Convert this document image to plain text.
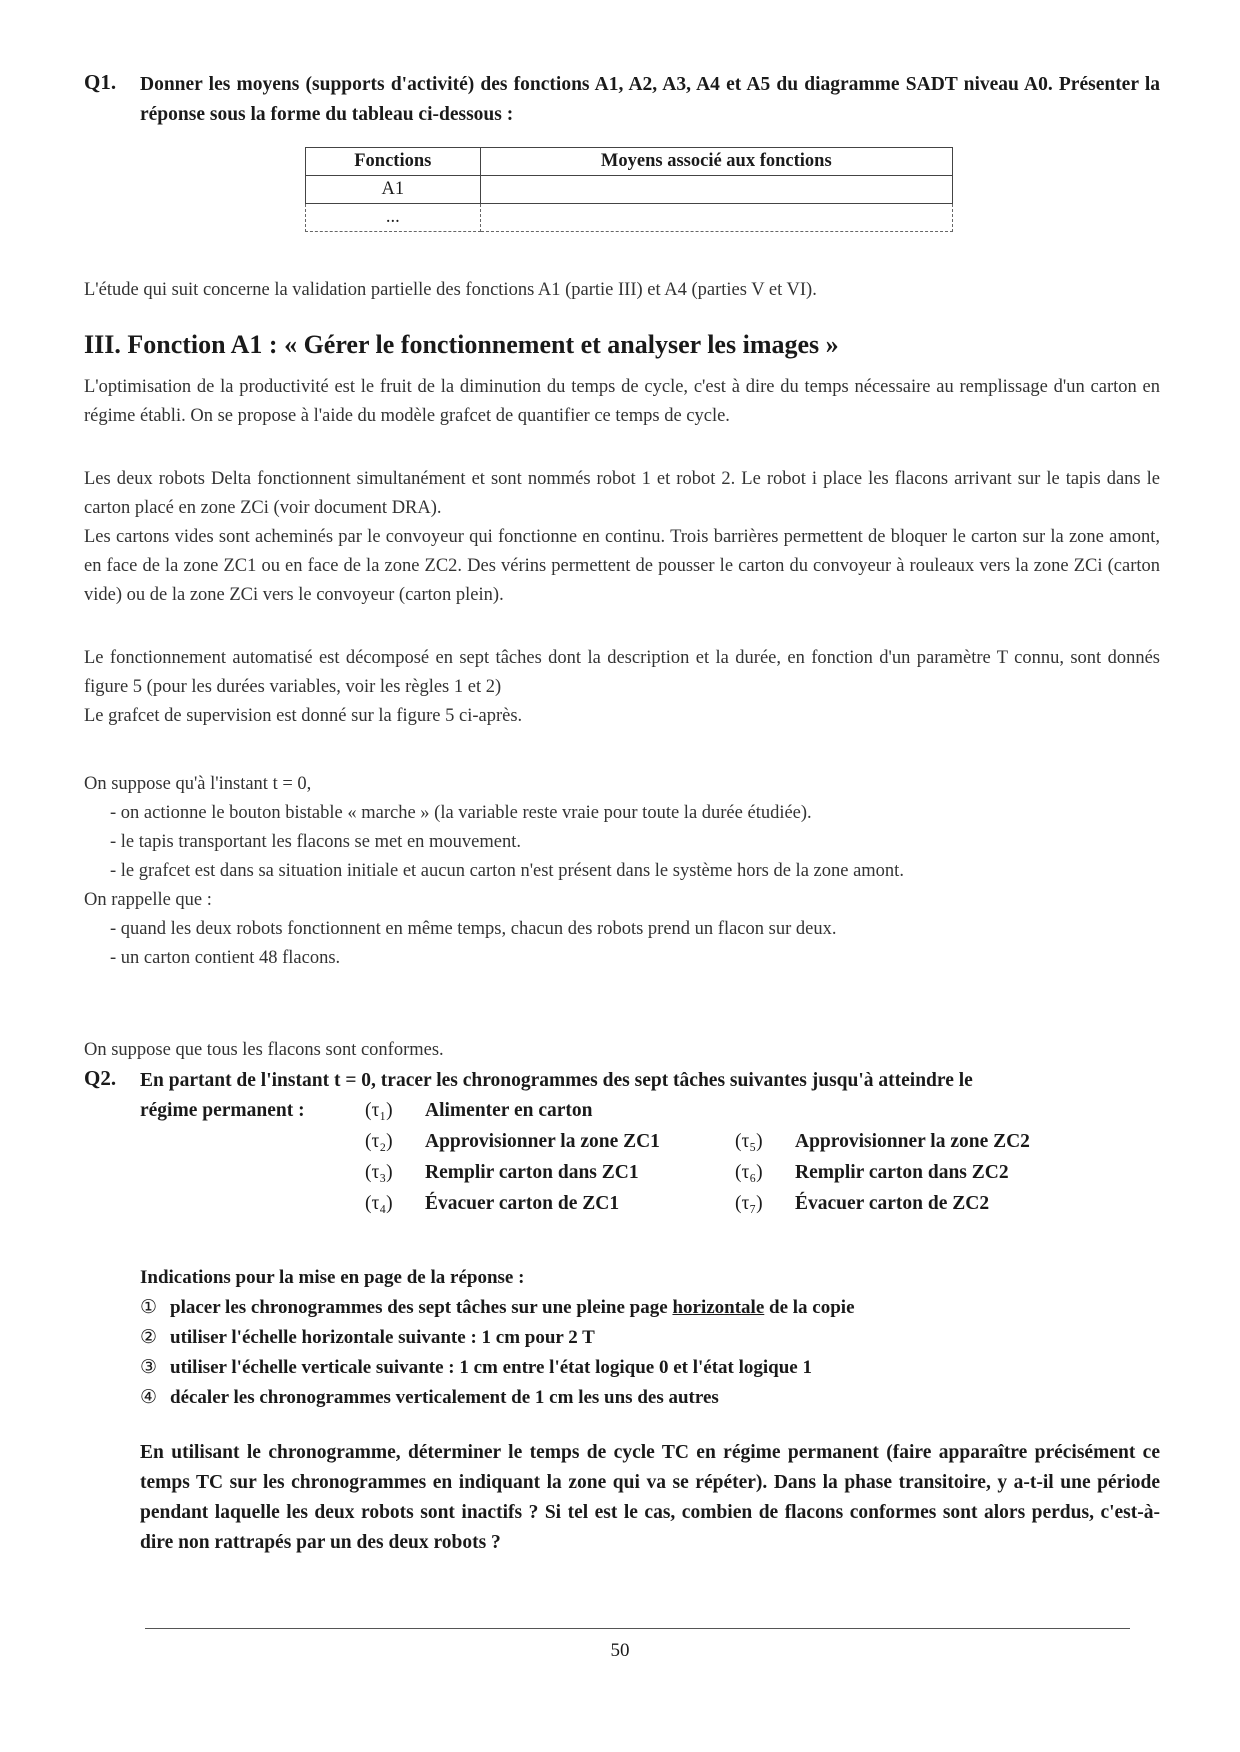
Q1. Donner les moyens (supports d'activité) des fonctions A1, A2, A3, A4 et A5 du diagramme SADT niveau A0. Présenter la réponse sous la forme du tableau ci-dessous :
Fonctions	Moyens associé aux fonctions
A1	
...	
L'étude qui suit concerne la validation partielle des fonctions A1 (partie III) et A4 (parties V et VI).
III. Fonction A1 : « Gérer le fonctionnement et analyser les images »
L'optimisation de la productivité est le fruit de la diminution du temps de cycle, c'est à dire du temps nécessaire au remplissage d'un carton en régime établi. On se propose à l'aide du modèle grafcet de quantifier ce temps de cycle.
Les deux robots Delta fonctionnent simultanément et sont nommés robot 1 et robot 2. Le robot i place les flacons arrivant sur le tapis dans le carton placé en zone ZCi (voir document DRA).
Les cartons vides sont acheminés par le convoyeur qui fonctionne en continu. Trois barrières permettent de bloquer le carton sur la zone amont, en face de la zone ZC1 ou en face de la zone ZC2. Des vérins permettent de pousser le carton du convoyeur à rouleaux vers la zone ZCi (carton vide) ou de la zone ZCi vers le convoyeur (carton plein).
Le fonctionnement automatisé est décomposé en sept tâches dont la description et la durée, en fonction d'un paramètre T connu, sont donnés figure 5 (pour les durées variables, voir les règles 1 et 2)
Le grafcet de supervision est donné sur la figure 5 ci-après.
On suppose qu'à l'instant t = 0,
- on actionne le bouton bistable « marche » (la variable reste vraie pour toute la durée étudiée).
- le tapis transportant les flacons se met en mouvement.
- le grafcet est dans sa situation initiale et aucun carton n'est présent dans le système hors de la zone amont.
On rappelle que :
- quand les deux robots fonctionnent en même temps, chacun des robots prend un flacon sur deux.
- un carton contient 48 flacons.
On suppose que tous les flacons sont conformes.
Q2. En partant de l'instant t = 0, tracer les chronogrammes des sept tâches suivantes jusqu'à atteindre le
régime permanent :	(τ₁) Alimenter en carton
(τ₂) Approvisionner la zone ZC1
(τ₃) Remplir carton dans ZC1
(τ₄) Évacuer carton de ZC1
(τ₅) Approvisionner la zone ZC2
(τ₆) Remplir carton dans ZC2
(τ₇) Évacuer carton de ZC2
Indications pour la mise en page de la réponse :
① placer les chronogrammes des sept tâches sur une pleine page horizontale de la copie
② utiliser l'échelle horizontale suivante : 1 cm pour 2 T
③ utiliser l'échelle verticale suivante : 1 cm entre l'état logique 0 et l'état logique 1
④ décaler les chronogrammes verticalement de 1 cm les uns des autres
En utilisant le chronogramme, déterminer le temps de cycle TC en régime permanent (faire apparaître précisément ce temps TC sur les chronogrammes en indiquant la zone qui va se répéter). Dans la phase transitoire, y a-t-il une période pendant laquelle les deux robots sont inactifs ? Si tel est le cas, combien de flacons conformes sont alors perdus, c'est-à-dire non rattrapés par un des deux robots ?
50
